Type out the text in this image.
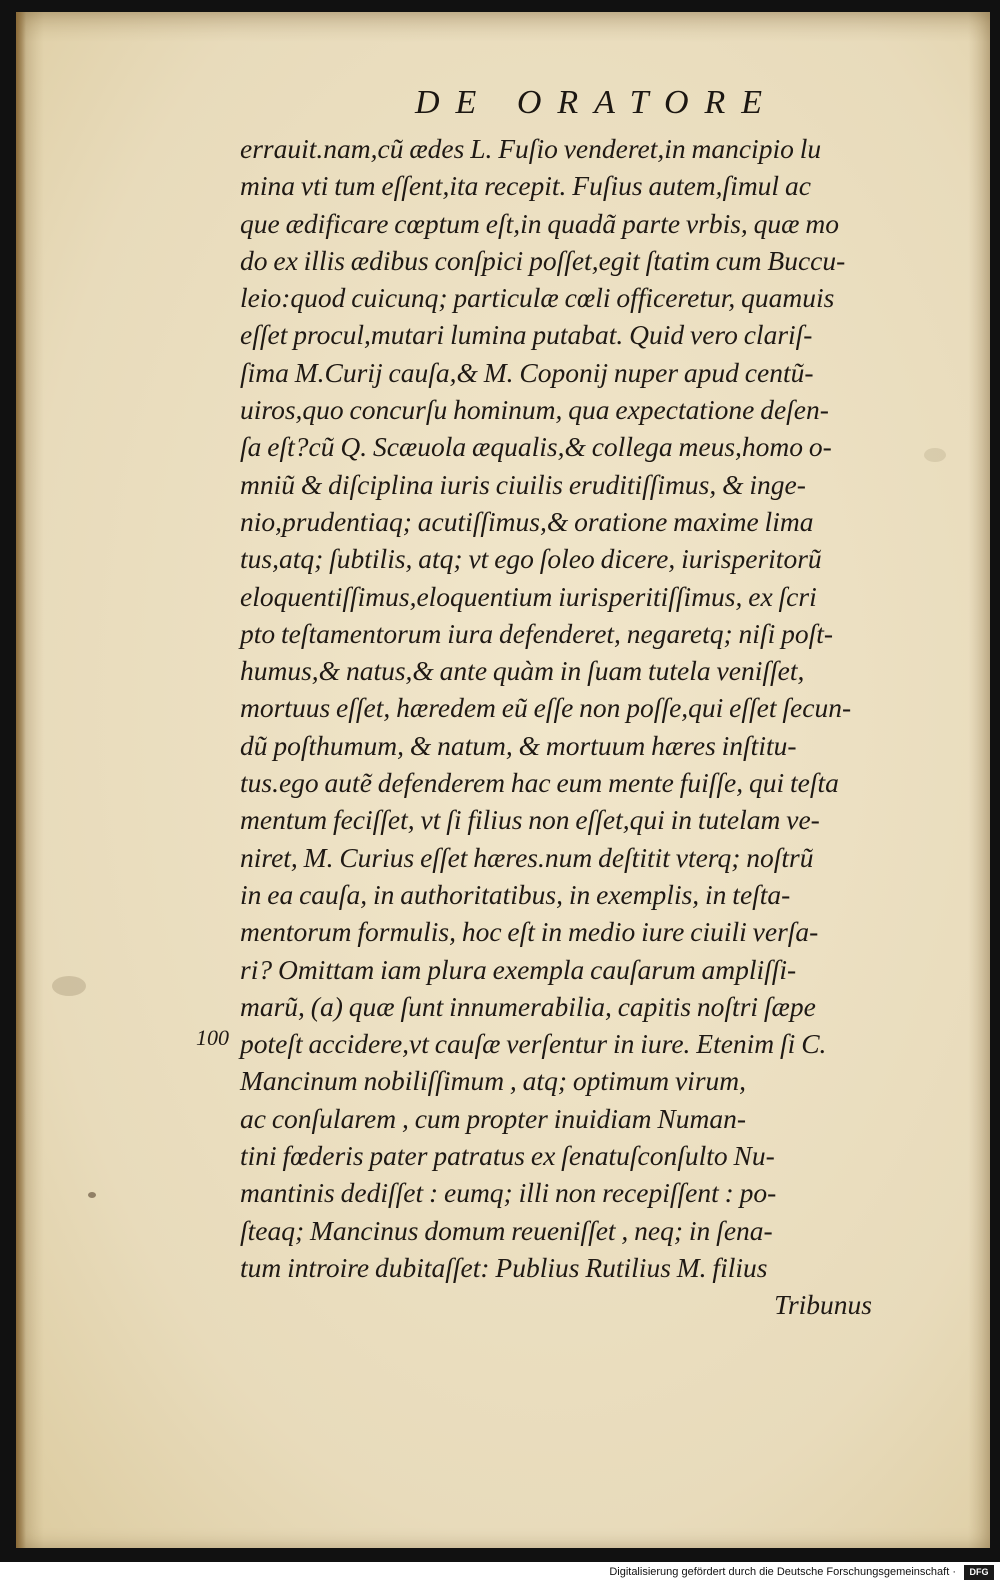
DE ORATORE
errauit.nam,cũ ædes L. Fuſio venderet,in mancipio lu
mina vti tum eſſent,ita recepit. Fuſius autem,ſimul ac
que ædificare cœptum eſt,in quadã parte vrbis, quæ mo
do ex illis ædibus conſpici poſſet,egit ſtatim cum Buccu-
leio:quod cuicunq; particulæ cœli officeretur, quamuis
eſſet procul,mutari lumina putabat. Quid vero clariſ-
ſima M.Curij cauſa,& M. Coponij nuper apud centũ-
uiros,quo concurſu hominum, qua expectatione deſen-
ſa eſt?cũ Q. Scæuola æqualis,& collega meus,homo o-
mniũ & diſciplina iuris ciuilis eruditiſſimus, & inge-
nio,prudentiaq; acutiſſimus,& oratione maxime lima
tus,atq; ſubtilis, atq; vt ego ſoleo dicere, iurisperitorũ
eloquentiſſimus,eloquentium iurisperitiſſimus, ex ſcri
pto teſtamentorum iura defenderet, negaretq; niſi poſt-
humus,& natus,& ante quàm in ſuam tutela veniſſet,
mortuus eſſet, hæredem eũ eſſe non poſſe,qui eſſet ſecun-
dũ poſthumum, & natum, & mortuum hæres inſtitu-
tus.ego autẽ defenderem hac eum mente fuiſſe, qui teſta
mentum feciſſet, vt ſi filius non eſſet,qui in tutelam ve-
niret, M. Curius eſſet hæres.num deſtitit vterq; noſtrũ
in ea cauſa, in authoritatibus, in exemplis, in teſta-
mentorum formulis, hoc eſt in medio iure ciuili verſa-
ri? Omittam iam plura exempla cauſarum ampliſſi-
marũ, (a) quæ ſunt innumerabilia, capitis noſtri ſæpe
poteſt accidere,vt cauſæ verſentur in iure. Etenim ſi C.
Mancinum nobiliſſimum , atq; optimum virum,
ac conſularem , cum propter inuidiam Numan-
tini fœderis pater patratus ex ſenatuſconſulto Nu-
mantinis dediſſet : eumq; illi non recepiſſent : po-
ſteaq; Mancinus domum reueniſſet , neq; in ſena-
tum introire dubitaſſet: Publius Rutilius M. filius
Tribunus
100
Digitalisierung gefördert durch die Deutsche Forschungsgemeinschaft ·	DFG
